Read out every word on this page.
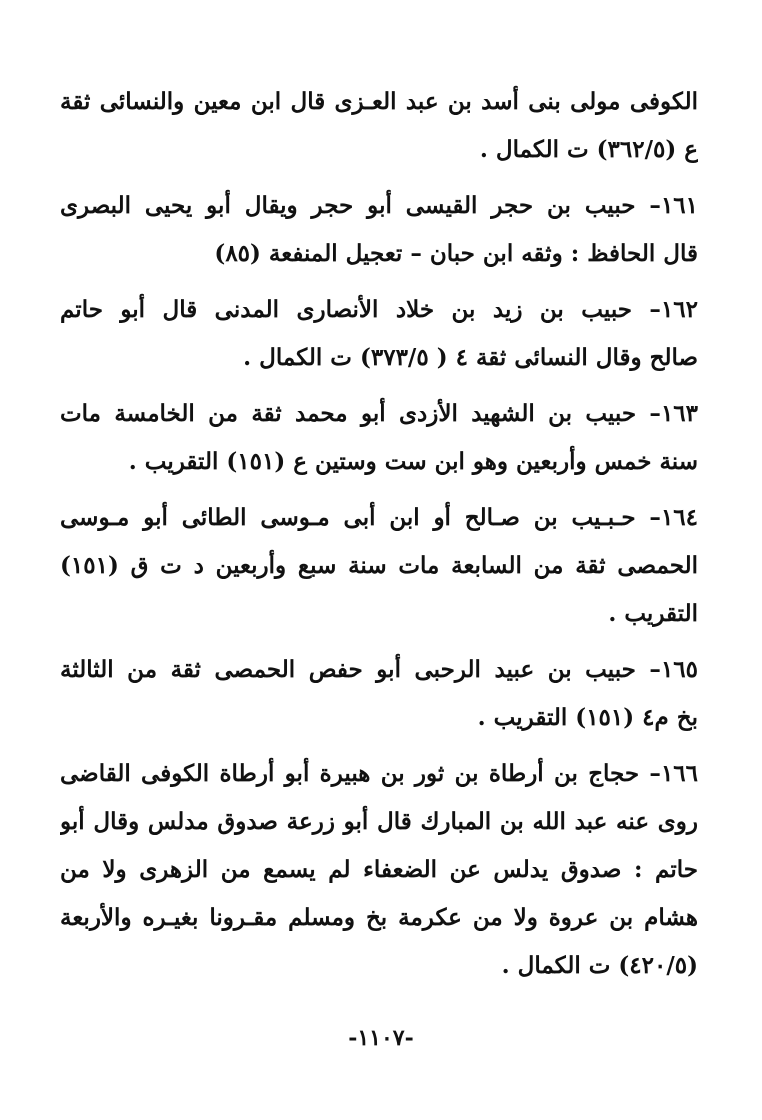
الكوفى مولى بنى أسد بن عبد العـزى قال ابن معين والنسائى ثقة
ع (٣٦٢/٥) ت الكمال .
١٦١– حبيب بن حجر القيسى أبو حجر ويقال أبو يحيى البصرى
قال الحافظ : وثقه ابن حبان – تعجيل المنفعة (٨٥)
١٦٢– حبيب بن زيد بن خلاد الأنصارى المدنى قال أبو حاتم
صالح وقال النسائى ثقة ٤ ( ٣٧٣/٥) ت الكمال .
١٦٣– حبيب بن الشهيد الأزدى أبو محمد ثقة من الخامسة مات
سنة خمس وأربعين وهو ابن ست وستين ع (١٥١) التقريب .
١٦٤– حـبـيب بن صـالح أو ابن أبى مـوسى الطائى أبو مـوسى
الحمصى ثقة من السابعة مات سنة سبع وأربعين د ت ق (١٥١)
التقريب .
١٦٥– حبيب بن عبيد الرحبى أبو حفص الحمصى ثقة من الثالثة
بخ م٤ (١٥١) التقريب .
١٦٦– حجاج بن أرطاة بن ثور بن هبيرة أبو أرطاة الكوفى القاضى
روى عنه عبد الله بن المبارك قال أبو زرعة صدوق مدلس وقال أبو
حاتم : صدوق يدلس عن الضعفاء لم يسمع من الزهرى ولا من
هشام بن عروة ولا من عكرمة بخ ومسلم مقـرونا بغيـره والأربعة
(٤٢٠/٥) ت الكمال .
-١١٠٧-
